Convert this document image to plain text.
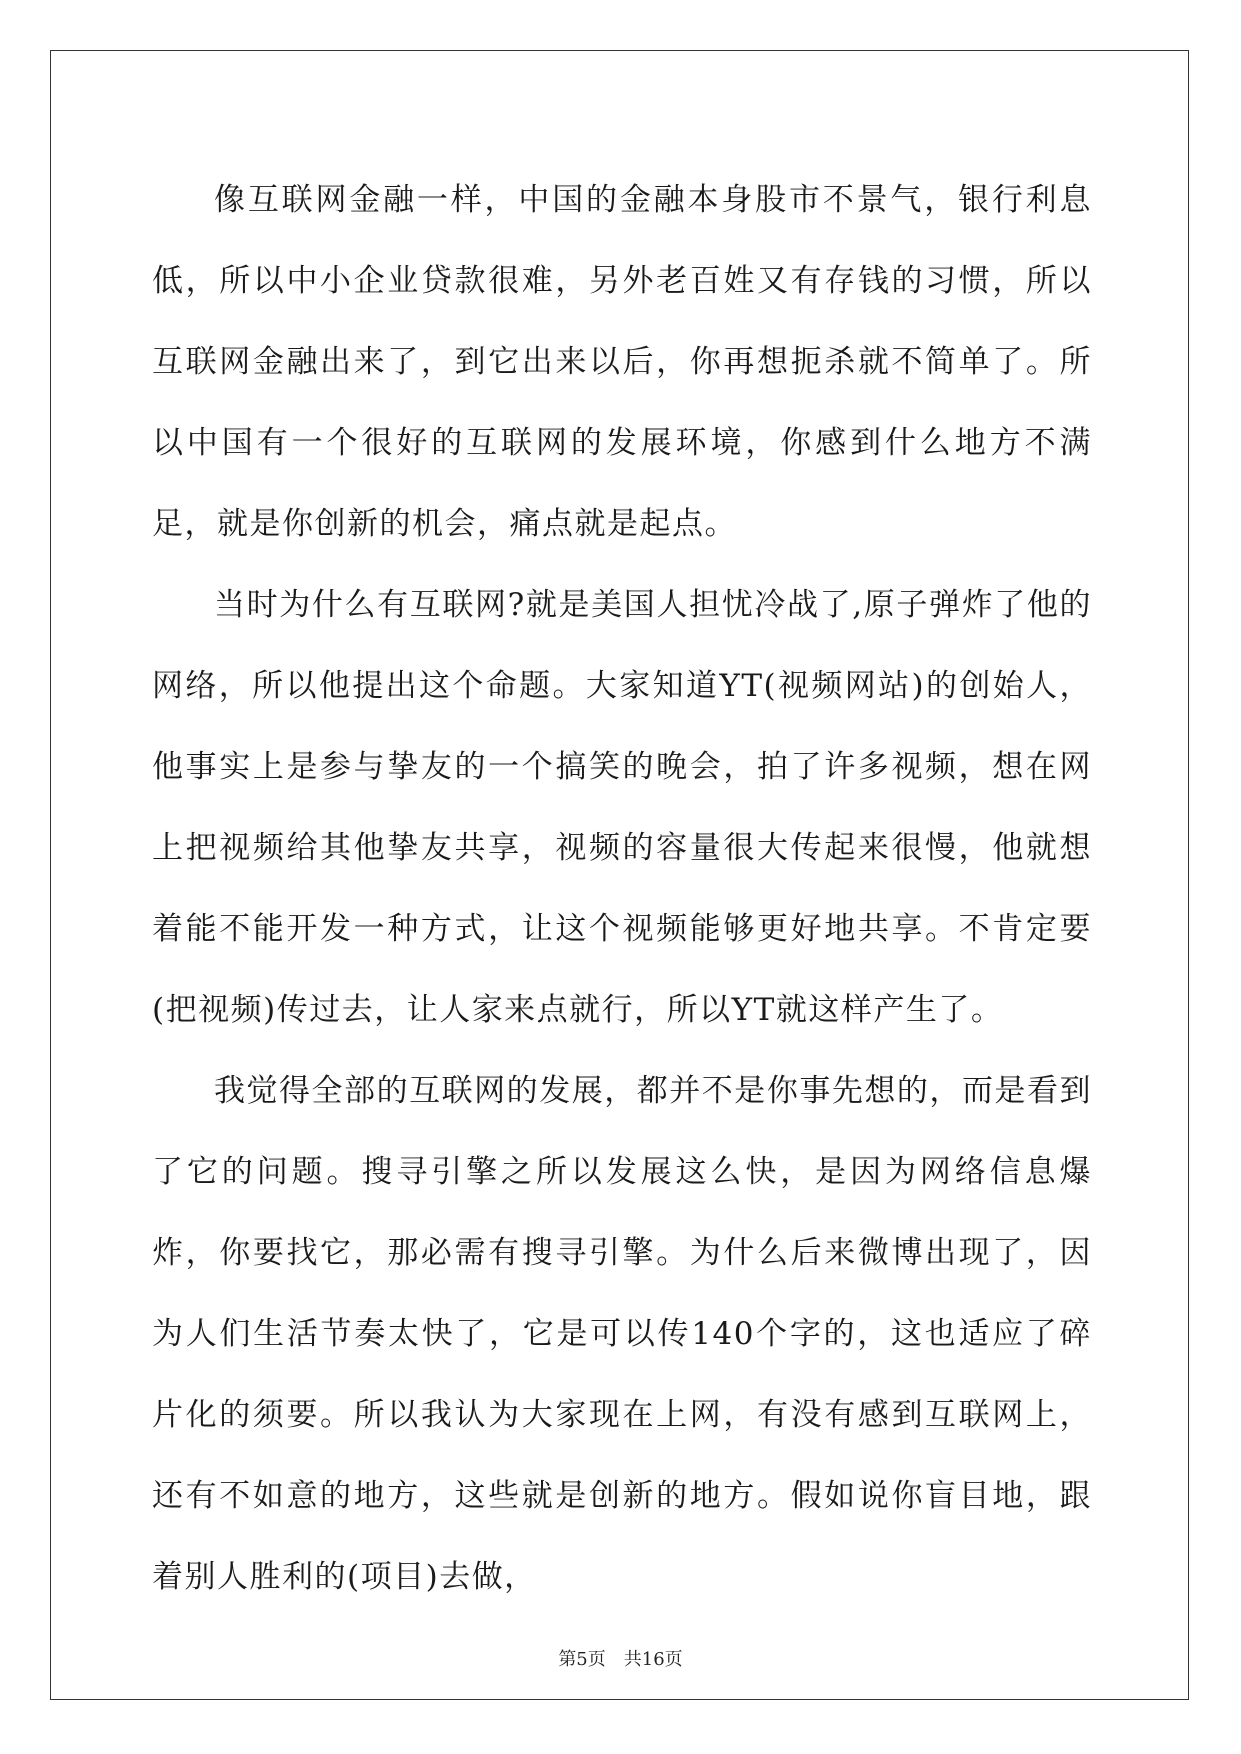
像互联网金融一样，中国的金融本身股市不景气，银行利息低，所以中小企业贷款很难，另外老百姓又有存钱的习惯，所以互联网金融出来了，到它出来以后，你再想扼杀就不简单了。所以中国有一个很好的互联网的发展环境，你感到什么地方不满足，就是你创新的机会，痛点就是起点。

当时为什么有互联网?就是美国人担忧冷战了,原子弹炸了他的网络，所以他提出这个命题。大家知道YT(视频网站)的创始人，他事实上是参与挚友的一个搞笑的晚会，拍了许多视频，想在网上把视频给其他挚友共享，视频的容量很大传起来很慢，他就想着能不能开发一种方式，让这个视频能够更好地共享。不肯定要(把视频)传过去，让人家来点就行，所以YT就这样产生了。

我觉得全部的互联网的发展，都并不是你事先想的，而是看到了它的问题。搜寻引擎之所以发展这么快，是因为网络信息爆炸，你要找它，那必需有搜寻引擎。为什么后来微博出现了，因为人们生活节奏太快了，它是可以传140个字的，这也适应了碎片化的须要。所以我认为大家现在上网，有没有感到互联网上，还有不如意的地方，这些就是创新的地方。假如说你盲目地，跟着别人胜利的(项目)去做，

第5页 共16页
